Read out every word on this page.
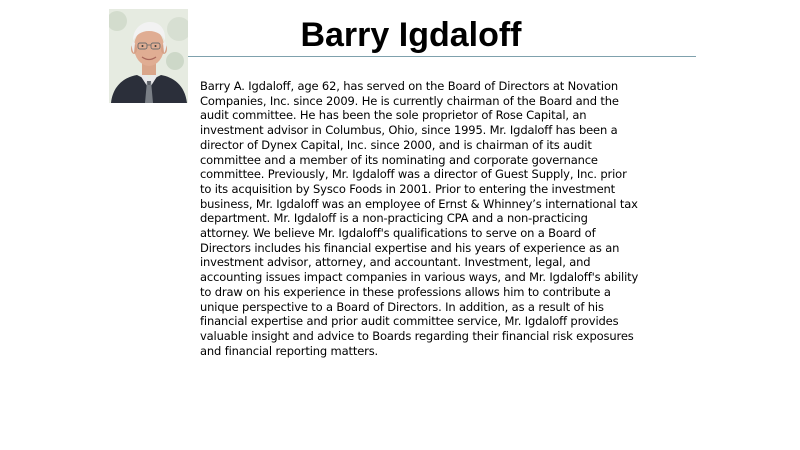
Barry Igdaloff
Barry A. Igdaloff, age 62, has served on the Board of Directors at Novation
Companies, Inc. since 2009. He is currently chairman of the Board and the
audit committee. He has been the sole proprietor of Rose Capital, an
investment advisor in Columbus, Ohio, since 1995. Mr. Igdaloff has been a
director of Dynex Capital, Inc. since 2000, and is chairman of its audit
committee and a member of its nominating and corporate governance
committee. Previously, Mr. Igdaloff was a director of Guest Supply, Inc. prior
to its acquisition by Sysco Foods in 2001. Prior to entering the investment
business, Mr. Igdaloff was an employee of Ernst & Whinney’s international tax
department. Mr. Igdaloff is a non-practicing CPA and a non-practicing
attorney. We believe Mr. Igdaloff's qualifications to serve on a Board of
Directors includes his financial expertise and his years of experience as an
investment advisor, attorney, and accountant. Investment, legal, and
accounting issues impact companies in various ways, and Mr. Igdaloff's ability
to draw on his experience in these professions allows him to contribute a
unique perspective to a Board of Directors. In addition, as a result of his
financial expertise and prior audit committee service, Mr. Igdaloff provides
valuable insight and advice to Boards regarding their financial risk exposures
and financial reporting matters.
